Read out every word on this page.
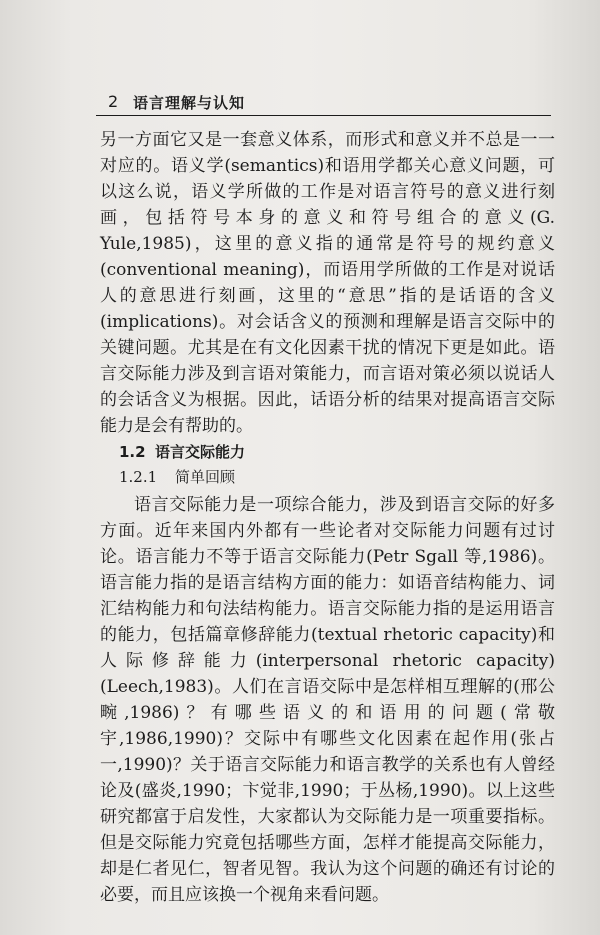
2 语言理解与认知

另一方面它又是一套意义体系，而形式和意义并不总是一一对应的。语义学(semantics)和语用学都关心意义问题，可以这么说，语义学所做的工作是对语言符号的意义进行刻画，包括符号本身的意义和符号组合的意义(G. Yule,1985)，这里的意义指的通常是符号的规约意义(conventional meaning)，而语用学所做的工作是对说话人的意思进行刻画，这里的“意思”指的是话语的含义(implications)。对会话含义的预测和理解是语言交际中的关键问题。尤其是在有文化因素干扰的情况下更是如此。语言交际能力涉及到言语对策能力，而言语对策必须以说话人的会话含义为根据。因此，话语分析的结果对提高语言交际能力是会有帮助的。

1.2 语言交际能力
1.2.1 简单回顾

语言交际能力是一项综合能力，涉及到语言交际的好多方面。近年来国内外都有一些论者对交际能力问题有过讨论。语言能力不等于语言交际能力(Petr Sgall 等,1986)。语言能力指的是语言结构方面的能力：如语音结构能力、词汇结构能力和句法结构能力。语言交际能力指的是运用语言的能力，包括篇章修辞能力(textual rhetoric capacity)和人际修辞能力(interpersonal rhetoric capacity)(Leech,1983)。人们在言语交际中是怎样相互理解的(邢公畹,1986)？有哪些语义的和语用的问题(常敬宇,1986,1990)？交际中有哪些文化因素在起作用(张占一,1990)？关于语言交际能力和语言教学的关系也有人曾经论及(盛炎,1990；卞觉非,1990；于丛杨,1990)。以上这些研究都富于启发性，大家都认为交际能力是一项重要指标。但是交际能力究竟包括哪些方面，怎样才能提高交际能力，却是仁者见仁，智者见智。我认为这个问题的确还有讨论的必要，而且应该换一个视角来看问题。
